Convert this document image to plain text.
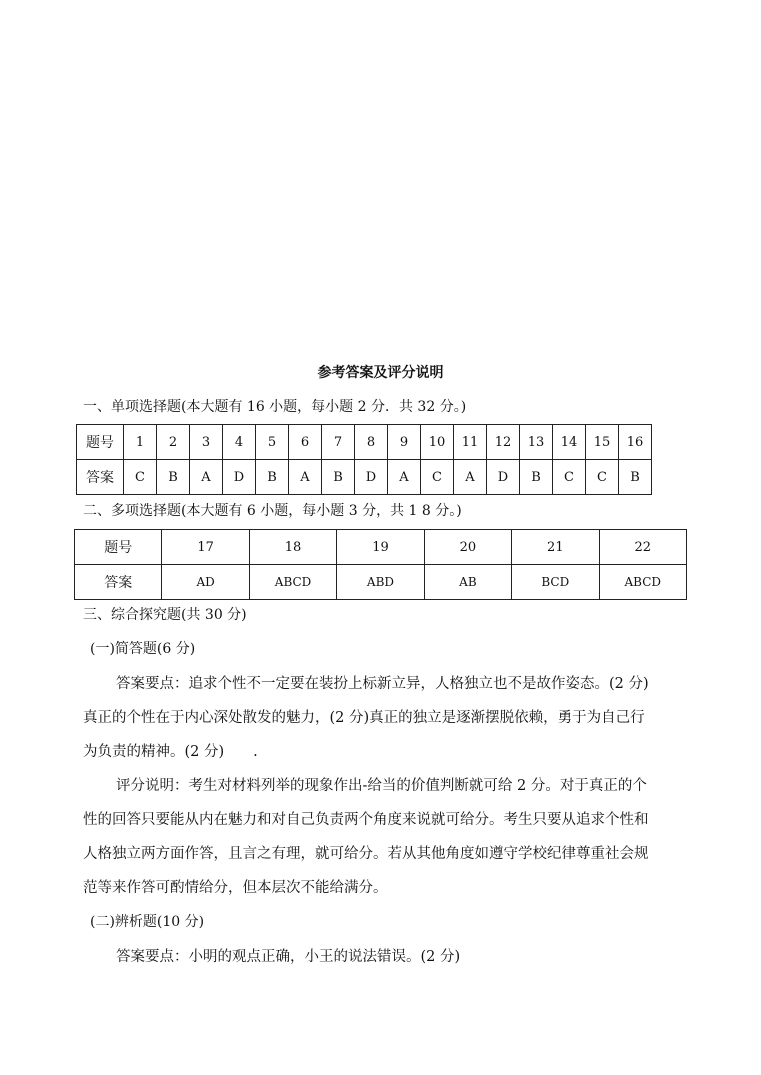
参考答案及评分说明
一、单项选择题(本大题有 16 小题，每小题 2 分．共 32 分。)
题号	1	2	3	4	5	6	7	8	9	10	11	12	13	14	15	16
答案	C	B	A	D	B	A	B	D	A	C	A	D	B	C	C	B
二、多项选择题(本大题有 6 小题，每小题 3 分，共 1 8 分。)
题号	17	18	19	20	21	22
答案	AD	ABCD	ABD	AB	BCD	ABCD
三、综合探究题(共 30 分)
(一)简答题(6 分)
答案要点：追求个性不一定要在装扮上标新立异，人格独立也不是故作姿态。(2 分)
真正的个性在于内心深处散发的魅力，(2 分)真正的独立是逐渐摆脱依赖，勇于为自己行
为负责的精神。(2 分)　　.
评分说明：考生对材料列举的现象作出-给当的价值判断就可给 2 分。对于真正的个
性的回答只要能从内在魅力和对自己负责两个角度来说就可给分。考生只要从追求个性和
人格独立两方面作答，且言之有理，就可给分。若从其他角度如遵守学校纪律尊重社会规
范等来作答可酌情给分，但本层次不能给满分。
(二)辨析题(10 分)
答案要点：小明的观点正确，小王的说法错误。(2 分)
